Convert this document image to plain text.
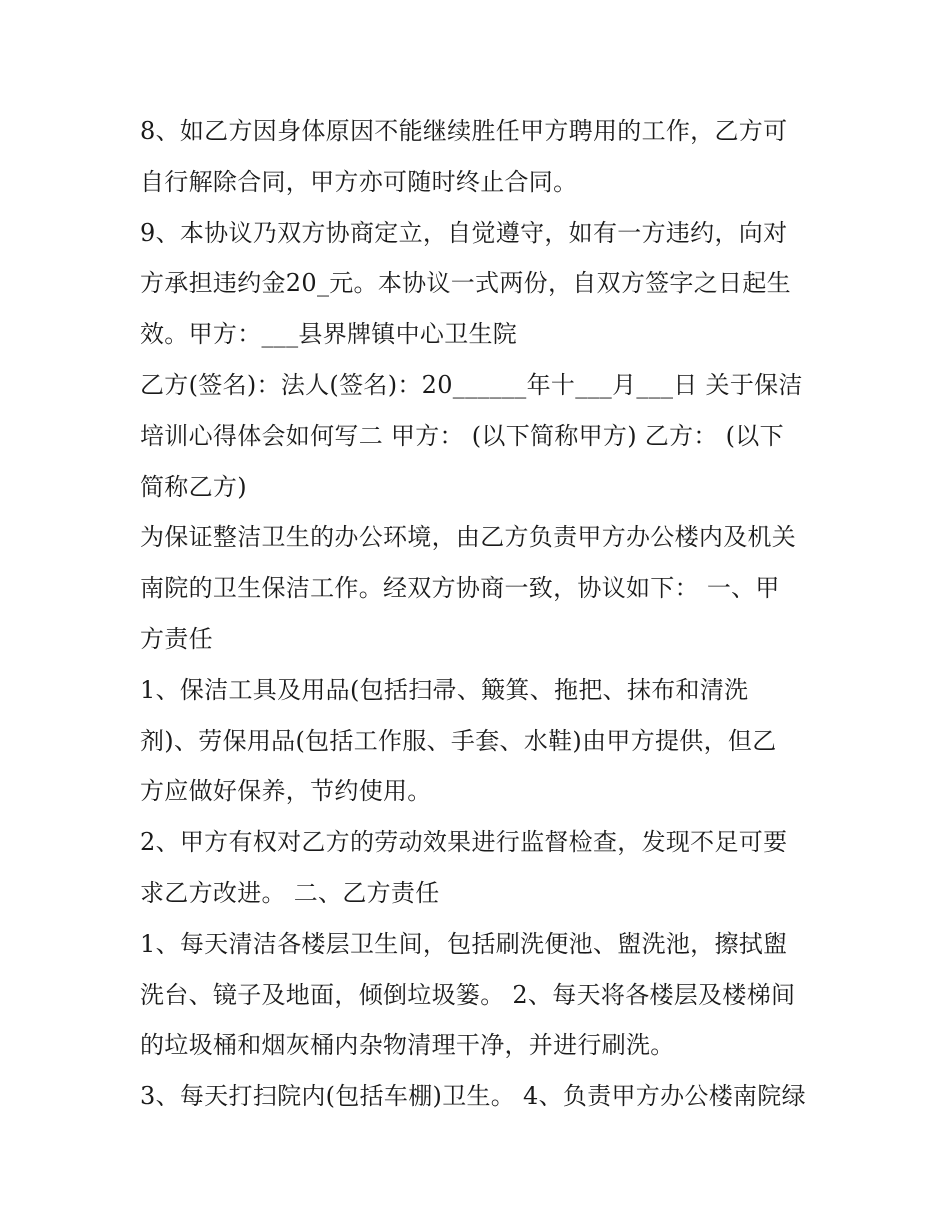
8、如乙方因身体原因不能继续胜任甲方聘用的工作，乙方可
自行解除合同，甲方亦可随时终止合同。
9、本协议乃双方协商定立，自觉遵守，如有一方违约，向对
方承担违约金20_元。本协议一式两份，自双方签字之日起生
效。甲方：___县界牌镇中心卫生院
乙方(签名)：法人(签名)：20______年十___月___日 关于保洁
培训心得体会如何写二 甲方： (以下简称甲方) 乙方： (以下
简称乙方)
为保证整洁卫生的办公环境，由乙方负责甲方办公楼内及机关
南院的卫生保洁工作。经双方协商一致，协议如下： 一、甲
方责任
1、保洁工具及用品(包括扫帚、簸箕、拖把、抹布和清洗
剂)、劳保用品(包括工作服、手套、水鞋)由甲方提供，但乙
方应做好保养，节约使用。
2、甲方有权对乙方的劳动效果进行监督检查，发现不足可要
求乙方改进。 二、乙方责任
1、每天清洁各楼层卫生间，包括刷洗便池、盥洗池，擦拭盥
洗台、镜子及地面，倾倒垃圾篓。 2、每天将各楼层及楼梯间
的垃圾桶和烟灰桶内杂物清理干净，并进行刷洗。
3、每天打扫院内(包括车棚)卫生。 4、负责甲方办公楼南院绿
